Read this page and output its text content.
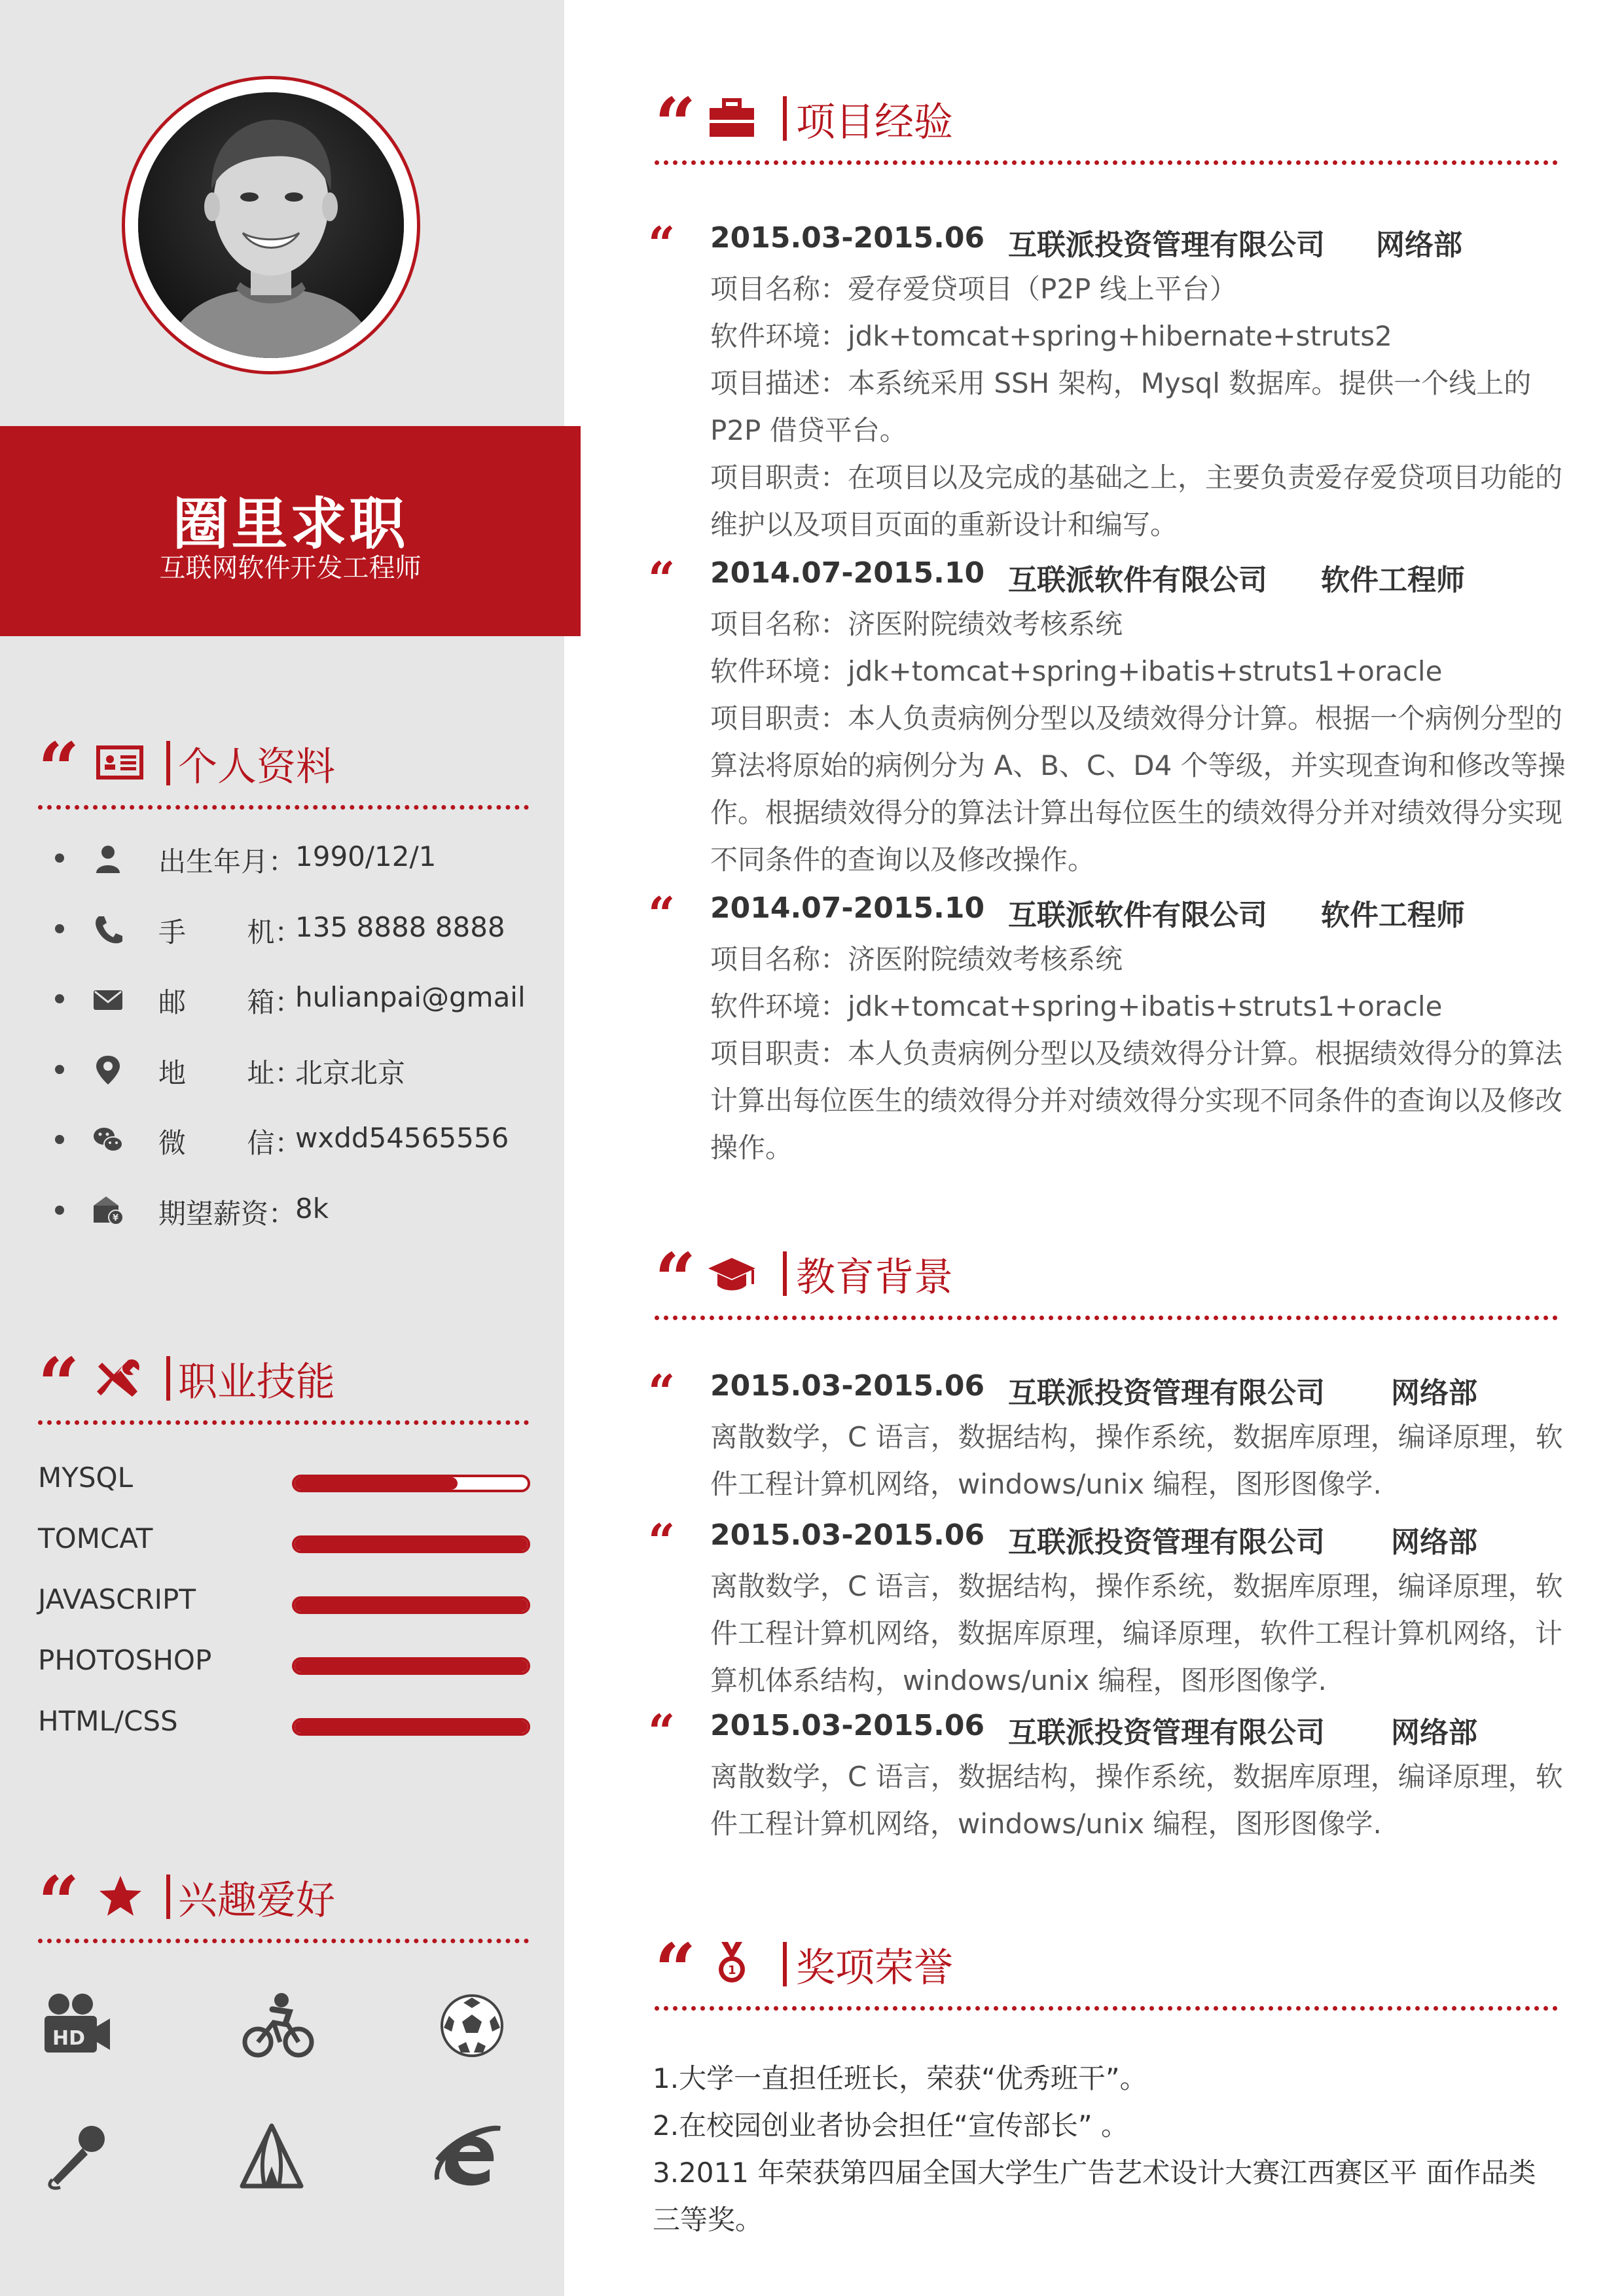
圈里求职
互联网软件开发工程师
“	个人资料
出生年月：
1990/12/1
手       机：
135 8888 8888
邮       箱：
hulianpai@gmail
地       址：
北京北京
微       信：
wxdd54565556
¥ 期望薪资：
8k
“	职业技能
MYSQL
TOMCAT
JAVASCRIPT
PHOTOSHOP
HTML/CSS
“	兴趣爱好
HD
“	项目经验
“ 2015.03-2015.06 互联派投资管理有限公司 网络部
项目名称：爱存爱贷项目（P2P 线上平台）
软件环境：jdk+tomcat+spring+hibernate+struts2
项目描述：本系统采用 SSH 架构，Mysql 数据库。提供一个线上的P2P 借贷平台。
项目职责：在项目以及完成的基础之上，主要负责爱存爱贷项目功能的维护以及项目页面的重新设计和编写。
“ 2014.07-2015.10 互联派软件有限公司 软件工程师
项目名称：济医附院绩效考核系统
软件环境：jdk+tomcat+spring+ibatis+struts1+oracle
项目职责：本人负责病例分型以及绩效得分计算。根据一个病例分型的算法将原始的病例分为 A、B、C、D4 个等级，并实现查询和修改等操作。根据绩效得分的算法计算出每位医生的绩效得分并对绩效得分实现不同条件的查询以及修改操作。
“ 2014.07-2015.10 互联派软件有限公司 软件工程师
项目名称：济医附院绩效考核系统
软件环境：jdk+tomcat+spring+ibatis+struts1+oracle
项目职责：本人负责病例分型以及绩效得分计算。根据绩效得分的算法计算出每位医生的绩效得分并对绩效得分实现不同条件的查询以及修改操作。
“	教育背景
“ 2015.03-2015.06 互联派投资管理有限公司 网络部
离散数学，C 语言，数据结构，操作系统，数据库原理，编译原理，软件工程计算机网络，windows/unix 编程，图形图像学.
“ 2015.03-2015.06 互联派投资管理有限公司 网络部
离散数学，C 语言，数据结构，操作系统，数据库原理，编译原理，软件工程计算机网络，数据库原理，编译原理，软件工程计算机网络，计算机体系结构，windows/unix 编程，图形图像学.
“ 2015.03-2015.06 互联派投资管理有限公司 网络部
离散数学，C 语言，数据结构，操作系统，数据库原理，编译原理，软件工程计算机网络，windows/unix 编程，图形图像学.
“	1 奖项荣誉
1.大学一直担任班长，荣获“优秀班干”。
2.在校园创业者协会担任“宣传部长” 。
3.2011 年荣获第四届全国大学生广告艺术设计大赛江西赛区平 面作品类三等奖。
